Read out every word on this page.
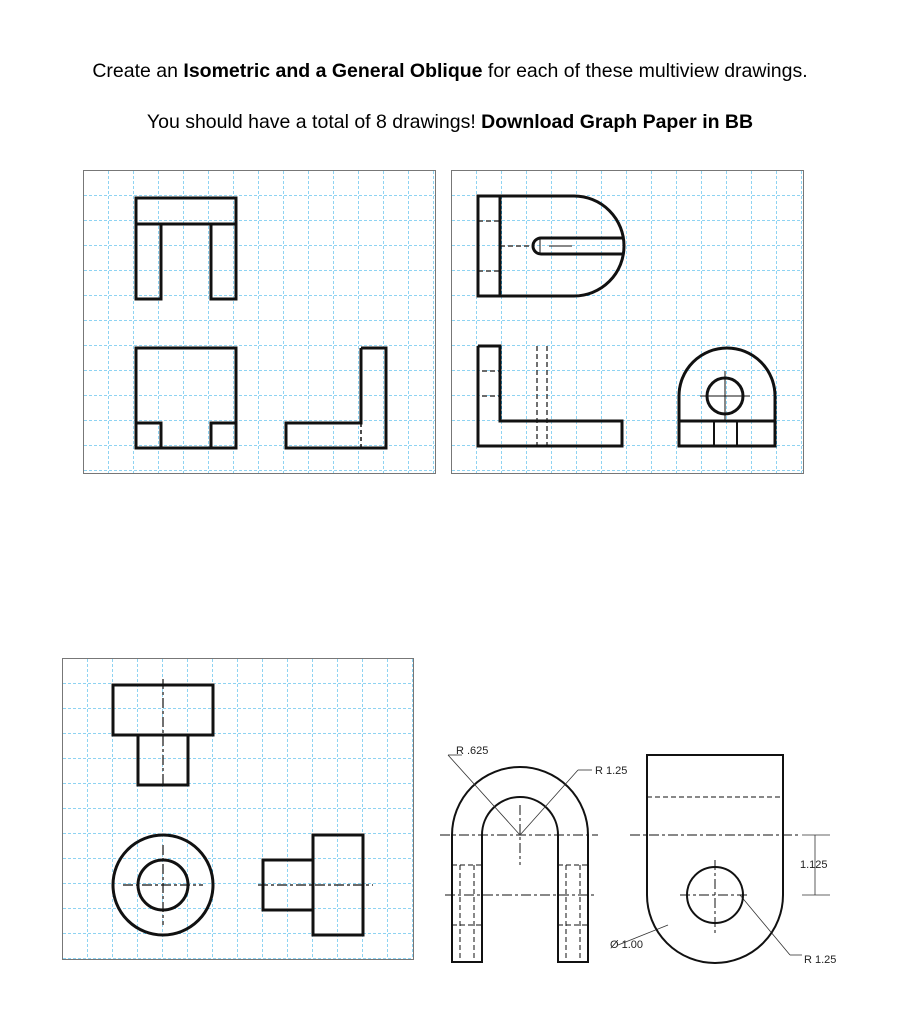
Create an Isometric and a General Oblique for each of these multiview drawings.
You should have a total of 8 drawings! Download Graph Paper in BB
R .625
R 1.25
1.125
Ø 1.00
R 1.25
